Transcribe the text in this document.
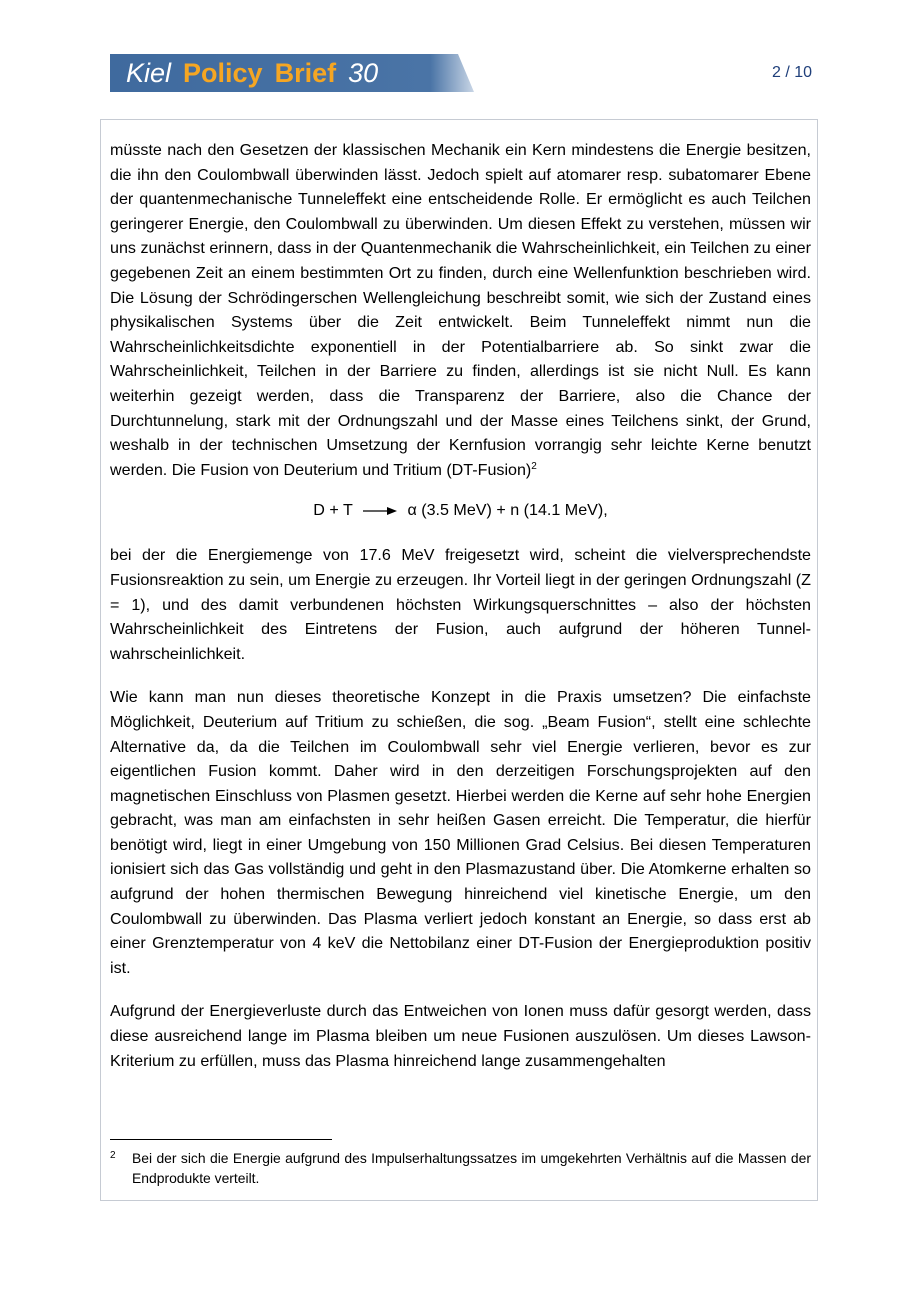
Kiel Policy Brief 30	2 / 10

müsste nach den Gesetzen der klassischen Mechanik ein Kern mindestens die Energie besitzen, die ihn den Coulombwall überwinden lässt. Jedoch spielt auf atomarer resp. subatomarer Ebene der quantenmechanische Tunneleffekt eine entscheidende Rolle. Er ermöglicht es auch Teilchen geringerer Energie, den Coulombwall zu überwinden. Um diesen Effekt zu verstehen, müssen wir uns zunächst erinnern, dass in der Quantenmechanik die Wahrscheinlichkeit, ein Teilchen zu einer gegebenen Zeit an einem bestimmten Ort zu finden, durch eine Wellenfunktion beschrieben wird. Die Lösung der Schrödingerschen Wellengleichung beschreibt somit, wie sich der Zustand eines physikalischen Systems über die Zeit entwickelt. Beim Tunneleffekt nimmt nun die Wahrscheinlichkeitsdichte exponentiell in der Potentialbarriere ab. So sinkt zwar die Wahrscheinlichkeit, Teilchen in der Barriere zu finden, allerdings ist sie nicht Null. Es kann weiterhin gezeigt werden, dass die Transparenz der Barriere, also die Chance der Durchtunnelung, stark mit der Ordnungszahl und der Masse eines Teilchens sinkt, der Grund, weshalb in der technischen Umsetzung der Kernfusion vorrangig sehr leichte Kerne benutzt werden. Die Fusion von Deuterium und Tritium (DT-Fusion)$^2$

D + T → α (3.5 MeV) + n (14.1 MeV),

bei der die Energiemenge von 17.6 MeV freigesetzt wird, scheint die vielversprechendste Fusionsreaktion zu sein, um Energie zu erzeugen. Ihr Vorteil liegt in der geringen Ordnungszahl (Z = 1), und des damit verbundenen höchsten Wirkungsquerschnittes – also der höchsten Wahrscheinlichkeit des Eintretens der Fusion, auch aufgrund der höheren Tunnelwahrscheinlichkeit.

Wie kann man nun dieses theoretische Konzept in die Praxis umsetzen? Die einfachste Möglichkeit, Deuterium auf Tritium zu schießen, die sog. „Beam Fusion“, stellt eine schlechte Alternative da, da die Teilchen im Coulombwall sehr viel Energie verlieren, bevor es zur eigentlichen Fusion kommt. Daher wird in den derzeitigen Forschungsprojekten auf den magnetischen Einschluss von Plasmen gesetzt. Hierbei werden die Kerne auf sehr hohe Energien gebracht, was man am einfachsten in sehr heißen Gasen erreicht. Die Temperatur, die hierfür benötigt wird, liegt in einer Umgebung von 150 Millionen Grad Celsius. Bei diesen Temperaturen ionisiert sich das Gas vollständig und geht in den Plasmazustand über. Die Atomkerne erhalten so aufgrund der hohen thermischen Bewegung hinreichend viel kinetische Energie, um den Coulombwall zu überwinden. Das Plasma verliert jedoch konstant an Energie, so dass erst ab einer Grenztemperatur von 4 keV die Nettobilanz einer DT-Fusion der Energieproduktion positiv ist.

Aufgrund der Energieverluste durch das Entweichen von Ionen muss dafür gesorgt werden, dass diese ausreichend lange im Plasma bleiben um neue Fusionen auszulösen. Um dieses Lawson-Kriterium zu erfüllen, muss das Plasma hinreichend lange zusammengehalten

2 Bei der sich die Energie aufgrund des Impulserhaltungssatzes im umgekehrten Verhältnis auf die Massen der Endprodukte verteilt.
